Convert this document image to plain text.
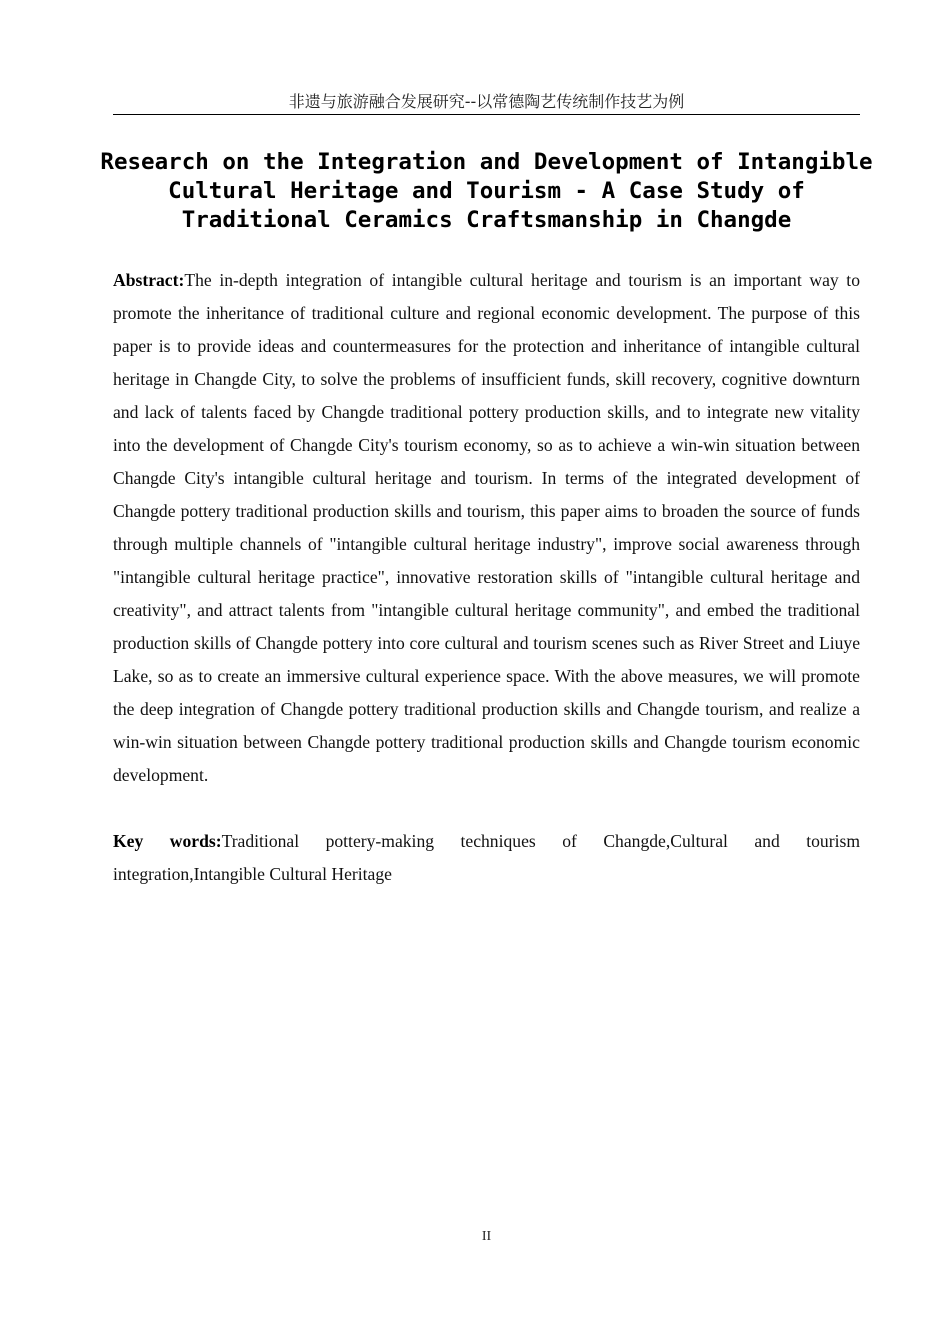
非遗与旅游融合发展研究--以常德陶艺传统制作技艺为例
Research on the Integration and Development of Intangible
Cultural Heritage and Tourism - A Case Study of
Traditional Ceramics Craftsmanship in Changde

Abstract:The in-depth integration of intangible cultural heritage and tourism is an important way to promote the inheritance of traditional culture and regional economic development. The purpose of this paper is to provide ideas and countermeasures for the protection and inheritance of intangible cultural heritage in Changde City, to solve the problems of insufficient funds, skill recovery, cognitive downturn and lack of talents faced by Changde traditional pottery production skills, and to integrate new vitality into the development of Changde City's tourism economy, so as to achieve a win-win situation between Changde City's intangible cultural heritage and tourism. In terms of the integrated development of Changde pottery traditional production skills and tourism, this paper aims to broaden the source of funds through multiple channels of "intangible cultural heritage industry", improve social awareness through "intangible cultural heritage practice", innovative restoration skills of "intangible cultural heritage and creativity", and attract talents from "intangible cultural heritage community", and embed the traditional production skills of Changde pottery into core cultural and tourism scenes such as River Street and Liuye Lake, so as to create an immersive cultural experience space. With the above measures, we will promote the deep integration of Changde pottery traditional production skills and Changde tourism, and realize a win-win situation between Changde pottery traditional production skills and Changde tourism economic development.

Key words:Traditional pottery-making techniques of Changde,Cultural and tourism integration,Intangible Cultural Heritage

II
